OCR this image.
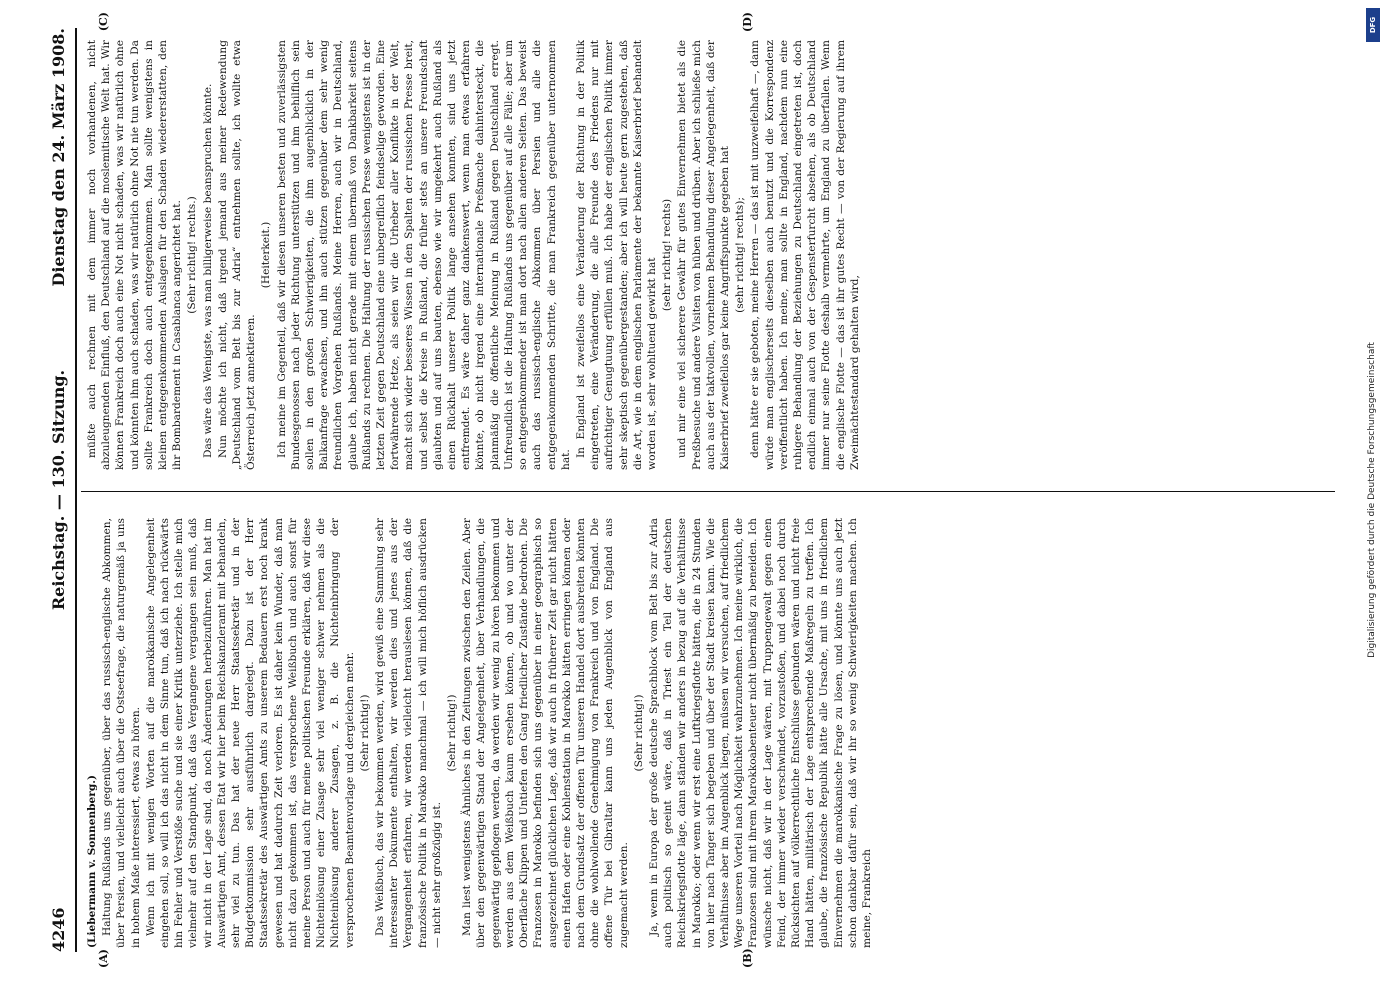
4246
Reichstag. — 130. Sitzung.
Dienstag den 24. März 1908.
(A)	(B)
(C)	(D)

(Liebermann v. Sonnenberg.) Haltung Rußlands uns gegenüber, über das russisch-englische Abkommen, über Persien, und vielleicht auch über die Ostseefrage, die naturgemäß ja uns in hohem Maße interessiert, etwas zu hören. Wenn ich mit wenigen Worten auf die marokkanische Angelegenheit eingehen soll, so will ich das nicht in dem Sinne tun, daß ich nach rückwärts hin Fehler und Verstöße suche und sie einer Kritik unterziehe. Ich stelle mich vielmehr auf den Standpunkt, daß das Vergangene vergangen sein muß, daß wir nicht in der Lage sind, da noch Änderungen herbeizuführen. Man hat im Auswärtigen Amt, dessen Etat wir hier beim Reichskanzleramt mit behandeln, sehr viel zu tun. Das hat der neue Herr Staatssekretär und in der Budgetkommission sehr ausführlich dargelegt. Dazu ist der Herr Staatssekretär des Auswärtigen Amts zu unserem Bedauern erst noch krank gewesen und hat dadurch Zeit verloren. Es ist daher kein Wunder, daß man nicht dazu gekommen ist, das versprochene Weißbuch und auch sonst für meine Person und auch für meine politischen Freunde erklären, daß wir diese Nichteinlösung einer Zusage sehr viel weniger schwer nehmen als die Nichteinlösung anderer Zusagen, z. B. die Nichteinbringung der versprochenen Beamtenvorlage und dergleichen mehr. (Sehr richtig!) Das Weißbuch, das wir bekommen werden, wird gewiß eine Sammlung sehr interessanter Dokumente enthalten, wir werden dies und jenes aus der Vergangenheit erfahren, wir werden vielleicht herauslesen können, daß die französische Politik in Marokko manchmal — ich will mich höflich ausdrücken — nicht sehr großzügig ist.

(Sehr richtig!) Man liest wenigstens Ähnliches in den Zeitungen zwischen den Zeilen. Aber über den gegenwärtigen Stand der Angelegenheit, über Verhandlungen, die gegenwärtig gepflogen werden, da werden wir wenig zu hören bekommen und werden aus dem Weißbuch kaum ersehen können, ob und wo unter der Oberfläche Klippen und Untiefen den Gang friedlicher Zustände bedrohen. Die Franzosen in Marokko befinden sich uns gegenüber in einer geographisch so ausgezeichnet glücklichen Lage, daß wir auch in früherer Zeit gar nicht hätten einen Hafen oder eine Kohlenstation in Marokko hätten erringen können oder nach dem Grundsatz der offenen Tür unseren Handel dort ausbreiten könnten ohne die wohlwollende Genehmigung von Frankreich und von England. Die offene Tür bei Gibraltar kann uns jeden Augenblick von England aus zugemacht werden.

(Sehr richtig!) Ja, wenn in Europa der große deutsche Sprachblock vom Belt bis zur Adria auch politisch so geeint wäre, daß in Triest ein Teil der deutschen Reichskriegsflotte läge, dann ständen wir anders in bezug auf die Verhältnisse in Marokko; oder wenn wir erst eine Luftkriegsflotte hätten, die in 24 Stunden von hier nach Tanger sich begeben und über der Stadt kreisen kann. Wie die Verhältnisse aber im Augenblick liegen, müssen wir versuchen, auf friedlichem Wege unseren Vorteil nach Möglichkeit wahrzunehmen. Ich meine wirklich, die Franzosen sind mit ihrem Marokkoabenteuer nicht übermäßig zu beneiden. Ich wünsche nicht, daß wir in der Lage wären, mit Truppengewalt gegen einen Feind, der immer wieder verschwindet, vorzustoßen, und dabei noch durch Rücksichten auf völkerrechtliche Entschlüsse gebunden wären und nicht freie Hand hätten, militärisch der Lage entsprechende Maßregeln zu treffen. Ich glaube, die französische Republik hätte alle Ursache, mit uns in friedlichem Einvernehmen die marokkanische Frage zu lösen, und könnte uns auch jetzt schon dankbar dafür sein, daß wir ihr so wenig Schwierigkeiten machen. Ich meine, Frankreich

müßte auch rechnen mit dem immer noch vorhandenen, nicht abzuleugnenden Einfluß, den Deutschland auf die moslemitische Welt hat. Wir können Frankreich doch auch eine Not nicht schaden, was wir natürlich ohne und könnten ihm auch schaden, was wir natürlich ohne Not nie tun werden. Da sollte Frankreich doch auch entgegenkommen. Man sollte wenigstens in kleinen entgegenkommenden Auslagen für den Schaden wiedererstatten, den ihr Bombardement in Casablanca angerichtet hat. (Sehr richtig! rechts.) Das wäre das Wenigste, was man billigerweise beanspruchen könnte. Nun möchte ich nicht, daß irgend jemand aus meiner Redewendung „Deutschland vom Belt bis zur Adria“ entnehmen sollte, ich wollte etwa Österreich jetzt annektieren.

(Heiterkeit.) Ich meine im Gegenteil, daß wir diesen unseren besten und zuverlässigsten Bundesgenossen nach jeder Richtung unterstützen und ihm behilflich sein sollen in den großen Schwierigkeiten, die ihm augenblicklich in der Balkanfrage erwachsen, und ihn auch stützen gegenüber dem sehr wenig freundlichen Vorgehen Rußlands. Meine Herren, auch wir in Deutschland, glaube ich, haben nicht gerade mit einem übermaß von Dankbarkeit seitens Rußlands zu rechnen. Die Haltung der russischen Presse wenigstens ist in der letzten Zeit gegen Deutschland eine unbegreiflich feindselige geworden. Eine fortwährende Hetze, als seien wir die Urheber aller Konflikte in der Welt, macht sich wider besseres Wissen in den Spalten der russischen Presse breit, und selbst die Kreise in Rußland, die früher stets an unsere Freundschaft glaubten und auf uns bauten, ebenso wie wir umgekehrt auch Rußland als einen Rückhalt unserer Politik lange ansehen konnten, sind uns jetzt entfremdet. Es wäre daher ganz dankenswert, wenn man etwas erfahren könnte, ob nicht irgend eine internationale Preßmache dahintersteckt, die planmäßig die öffentliche Meinung in Rußland gegen Deutschland erregt. Unfreundlich ist die Haltung Rußlands uns gegenüber auf alle Fälle; aber um so entgegenkommender ist man dort nach allen anderen Seiten. Das beweist auch das russisch-englische Abkommen über Persien und alle die entgegenkommenden Schritte, die man Frankreich gegenüber unternommen hat.

In England ist zweifellos eine Veränderung der Richtung in der Politik eingetreten, eine Veränderung, die alle Freunde des Friedens nur mit aufrichtiger Genugtuung erfüllen muß. Ich habe der englischen Politik immer sehr skeptisch gegenübergestanden; aber ich will heute gern zugestehen, daß die Art, wie in dem englischen Parlamente der bekannte Kaiserbrief behandelt worden ist, sehr wohltuend gewirkt hat

(sehr richtig! rechts) und mir eine viel sicherere Gewähr für gutes Einvernehmen bietet als die Preßbesuche und andere Visiten von hüben und drüben. Aber ich schließe mich auch aus der taktvollen, vornehmen Behandlung dieser Angelegenheit, daß der Kaiserbrief zweifellos gar keine Angriffspunkte gegeben hat (sehr richtig! rechts); denn hätte er sie geboten, meine Herren — das ist mit unzweifelhaft —, dann würde man englischerseits dieselben auch benutzt und die Korrespondenz veröffentlicht haben. Ich meine, man sollte in England, nachdem nun eine ruhigere Behandlung der Beziehungen zu Deutschland eingetreten ist, doch endlich einmal auch von der Gespensterfurcht absehen, als ob Deutschland immer nur seine Flotte deshalb vermehrte, um England zu überfallen. Wenn die englische Flotte — das ist ihr gutes Recht — von der Regierung auf ihrem Zweimächtestandard gehalten wird,

DFG
Digitalisierung gefördert durch die Deutsche Forschungsgemeinschaft
